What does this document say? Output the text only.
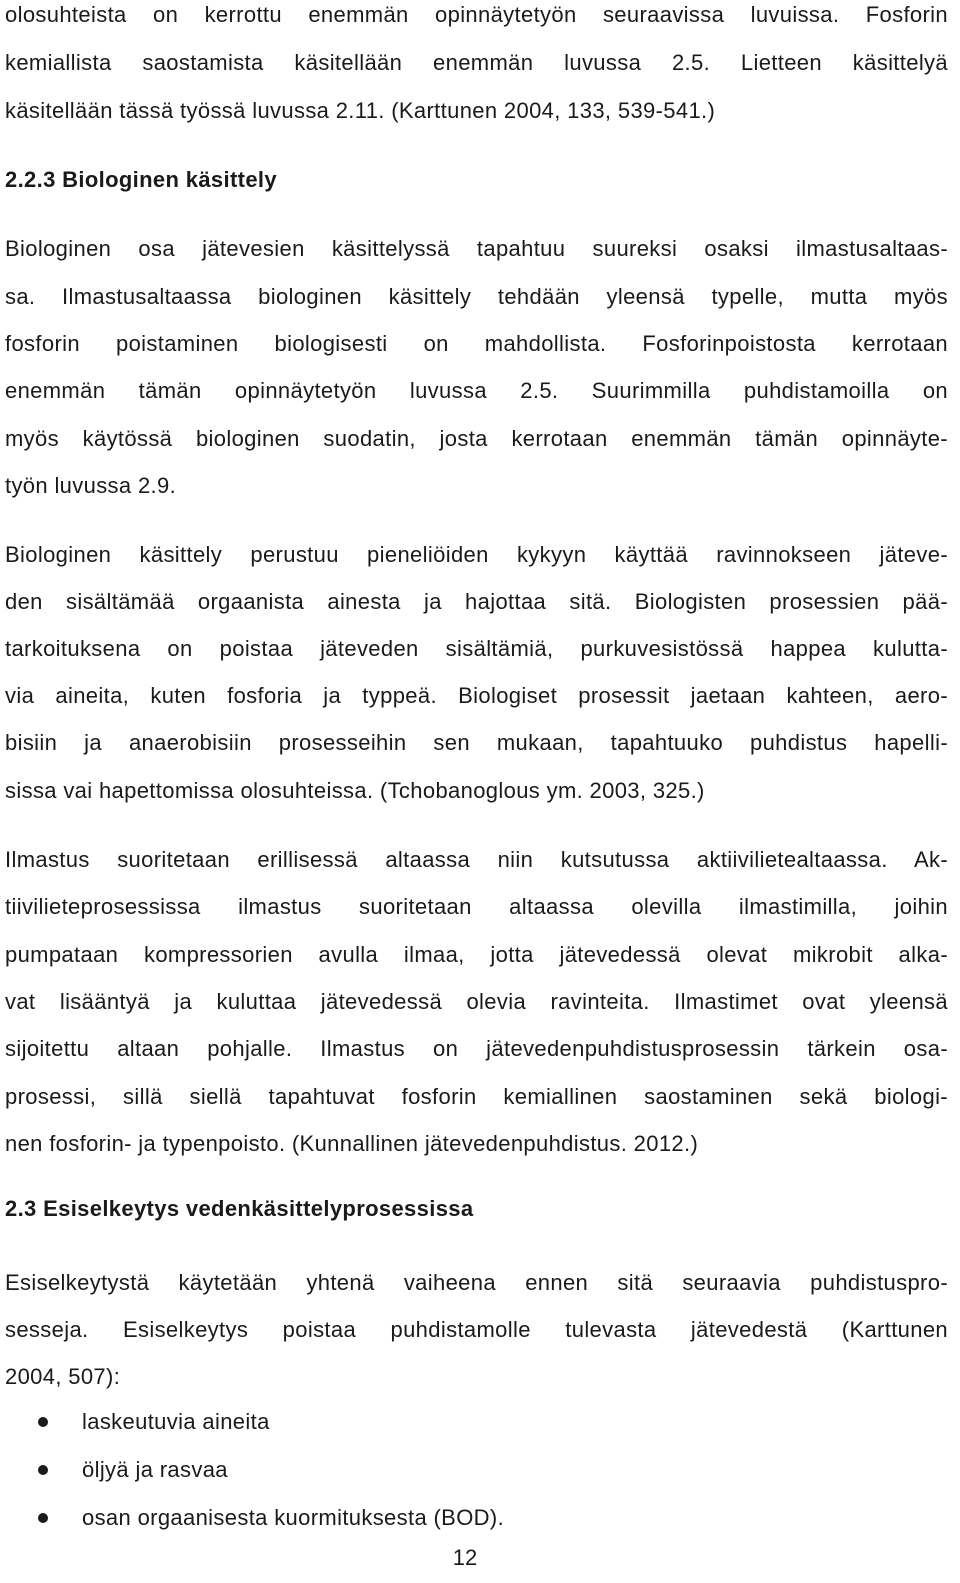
olosuhteista on kerrottu enemmän opinnäytetyön seuraavissa luvuissa. Fosforin

kemiallista saostamista käsitellään enemmän luvussa 2.5. Lietteen käsittelyä

käsitellään tässä työssä luvussa 2.11. (Karttunen 2004, 133, 539-541.)

2.2.3 Biologinen käsittely

Biologinen osa jätevesien käsittelyssä tapahtuu suureksi osaksi ilmastusaltaas-

sa. Ilmastusaltaassa biologinen käsittely tehdään yleensä typelle, mutta myös

fosforin poistaminen biologisesti on mahdollista. Fosforinpoistosta kerrotaan

enemmän tämän opinnäytetyön luvussa 2.5. Suurimmilla puhdistamoilla on

myös käytössä biologinen suodatin, josta kerrotaan enemmän tämän opinnäyte-

työn luvussa 2.9.

Biologinen käsittely perustuu pieneliöiden kykyyn käyttää ravinnokseen jäteve-

den sisältämää orgaanista ainesta ja hajottaa sitä. Biologisten prosessien pää-

tarkoituksena on poistaa jäteveden sisältämiä, purkuvesistössä happea kulutta-

via aineita, kuten fosforia ja typpeä. Biologiset prosessit jaetaan kahteen, aero-

bisiin ja anaerobisiin prosesseihin sen mukaan, tapahtuuko puhdistus hapelli-

sissa vai hapettomissa olosuhteissa. (Tchobanoglous ym. 2003, 325.)

Ilmastus suoritetaan erillisessä altaassa niin kutsutussa aktiivilietealtaassa. Ak-

tiivilieteprosessissa ilmastus suoritetaan altaassa olevilla ilmastimilla, joihin

pumpataan kompressorien avulla ilmaa, jotta jätevedessä olevat mikrobit alka-

vat lisääntyä ja kuluttaa jätevedessä olevia ravinteita. Ilmastimet ovat yleensä

sijoitettu altaan pohjalle. Ilmastus on jätevedenpuhdistusprosessin tärkein osa-

prosessi, sillä siellä tapahtuvat fosforin kemiallinen saostaminen sekä biologi-

nen fosforin- ja typenpoisto. (Kunnallinen jätevedenpuhdistus. 2012.)

2.3 Esiselkeytys vedenkäsittelyprosessissa

Esiselkeytystä käytetään yhtenä vaiheena ennen sitä seuraavia puhdistuspro-

sesseja. Esiselkeytys poistaa puhdistamolle tulevasta jätevedestä (Karttunen

2004, 507):

laskeutuvia aineita
öljyä ja rasvaa
osan orgaanisesta kuormituksesta (BOD).
12
